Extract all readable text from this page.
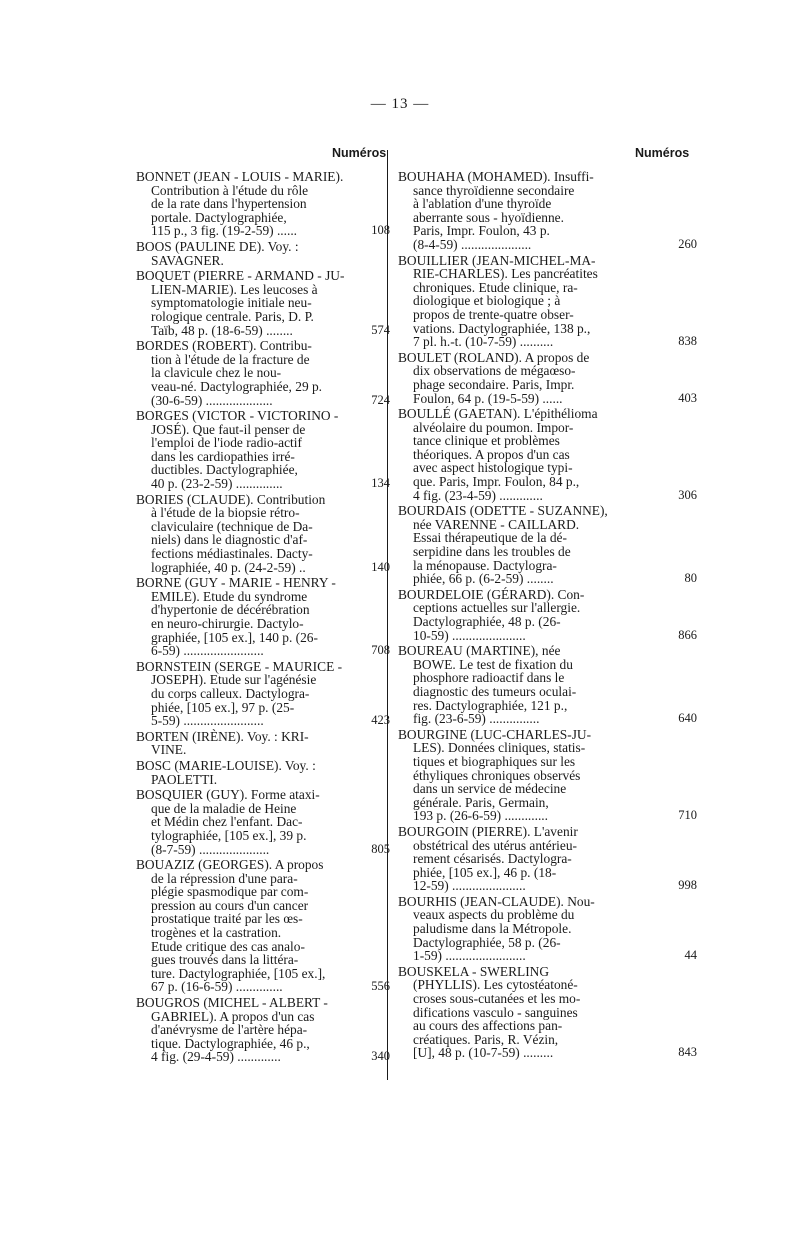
— 13 —
Numéros
BONNET (JEAN - LOUIS - MARIE).
Contribution à l'étude du rôle
de la rate dans l'hypertension
portale. Dactylographiée,
115 p., 3 fig. (19-2-59) ......	108
BOOS (PAULINE DE). Voy. :
SAVAGNER.
BOQUET (PIERRE - ARMAND - JU-
LIEN-MARIE). Les leucoses à
symptomatologie initiale neu-
rologique centrale. Paris, D. P.
Taïb, 48 p. (18-6-59) ........	574
BORDES (ROBERT). Contribu-
tion à l'étude de la fracture de
la clavicule chez le nou-
veau-né. Dactylographiée, 29 p.
(30-6-59) ....................	724
BORGES (VICTOR - VICTORINO -
JOSÉ). Que faut-il penser de
l'emploi de l'iode radio-actif
dans les cardiopathies irré-
ductibles. Dactylographiée,
40 p. (23-2-59) ..............	134
BORIES (CLAUDE). Contribution
à l'étude de la biopsie rétro-
claviculaire (technique de Da-
niels) dans le diagnostic d'af-
fections médiastinales. Dacty-
lographiée, 40 p. (24-2-59) ..	140
BORNE (GUY - MARIE - HENRY -
EMILE). Etude du syndrome
d'hypertonie de décérébration
en neuro-chirurgie. Dactylo-
graphiée, [105 ex.], 140 p. (26-
6-59) ........................	708
BORNSTEIN (SERGE - MAURICE -
JOSEPH). Etude sur l'agénésie
du corps calleux. Dactylogra-
phiée, [105 ex.], 97 p. (25-
5-59) ........................	423
BORTEN (IRÈNE). Voy. : KRI-
VINE.
BOSC (MARIE-LOUISE). Voy. :
PAOLETTI.
BOSQUIER (GUY). Forme ataxi-
que de la maladie de Heine
et Médin chez l'enfant. Dac-
tylographiée, [105 ex.], 39 p.
(8-7-59) .....................	805
BOUAZIZ (GEORGES). A propos
de la répression d'une para-
plégie spasmodique par com-
pression au cours d'un cancer
prostatique traité par les œs-
trogènes et la castration.
Etude critique des cas analo-
gues trouvés dans la littéra-
ture. Dactylographiée, [105 ex.],
67 p. (16-6-59) ..............	556
BOUGROS (MICHEL - ALBERT -
GABRIEL). A propos d'un cas
d'anévrysme de l'artère hépa-
tique. Dactylographiée, 46 p.,
4 fig. (29-4-59) .............	340
Numéros
BOUHAHA (MOHAMED). Insuffi-
sance thyroïdienne secondaire
à l'ablation d'une thyroïde
aberrante sous - hyoïdienne.
Paris, Impr. Foulon, 43 p.
(8-4-59) .....................	260
BOUILLIER (JEAN-MICHEL-MA-
RIE-CHARLES). Les pancréatites
chroniques. Etude clinique, ra-
diologique et biologique ; à
propos de trente-quatre obser-
vations. Dactylographiée, 138 p.,
7 pl. h.-t. (10-7-59) ..........	838
BOULET (ROLAND). A propos de
dix observations de mégaœso-
phage secondaire. Paris, Impr.
Foulon, 64 p. (19-5-59) ......	403
BOULLÉ (GAETAN). L'épithélioma
alvéolaire du poumon. Impor-
tance clinique et problèmes
théoriques. A propos d'un cas
avec aspect histologique typi-
que. Paris, Impr. Foulon, 84 p.,
4 fig. (23-4-59) .............	306
BOURDAIS (ODETTE - SUZANNE),
née VARENNE - CAILLARD.
Essai thérapeutique de la dé-
serpidine dans les troubles de
la ménopause. Dactylogra-
phiée, 66 p. (6-2-59) ........	80
BOURDELOIE (GÉRARD). Con-
ceptions actuelles sur l'allergie.
Dactylographiée, 48 p. (26-
10-59) ......................	866
BOUREAU (MARTINE), née
BOWE. Le test de fixation du
phosphore radioactif dans le
diagnostic des tumeurs oculai-
res. Dactylographiée, 121 p.,
fig. (23-6-59) ...............	640
BOURGINE (LUC-CHARLES-JU-
LES). Données cliniques, statis-
tiques et biographiques sur les
éthyliques chroniques observés
dans un service de médecine
générale. Paris, Germain,
193 p. (26-6-59) .............	710
BOURGOIN (PIERRE). L'avenir
obstétrical des utérus antérieu-
rement césarisés. Dactylogra-
phiée, [105 ex.], 46 p. (18-
12-59) ......................	998
BOURHIS (JEAN-CLAUDE). Nou-
veaux aspects du problème du
paludisme dans la Métropole.
Dactylographiée, 58 p. (26-
1-59) ........................	44
BOUSKELA - SWERLING
(PHYLLIS). Les cytostéatoné-
croses sous-cutanées et les mo-
difications vasculo - sanguines
au cours des affections pan-
créatiques. Paris, R. Vézin,
[U], 48 p. (10-7-59) .........	843
